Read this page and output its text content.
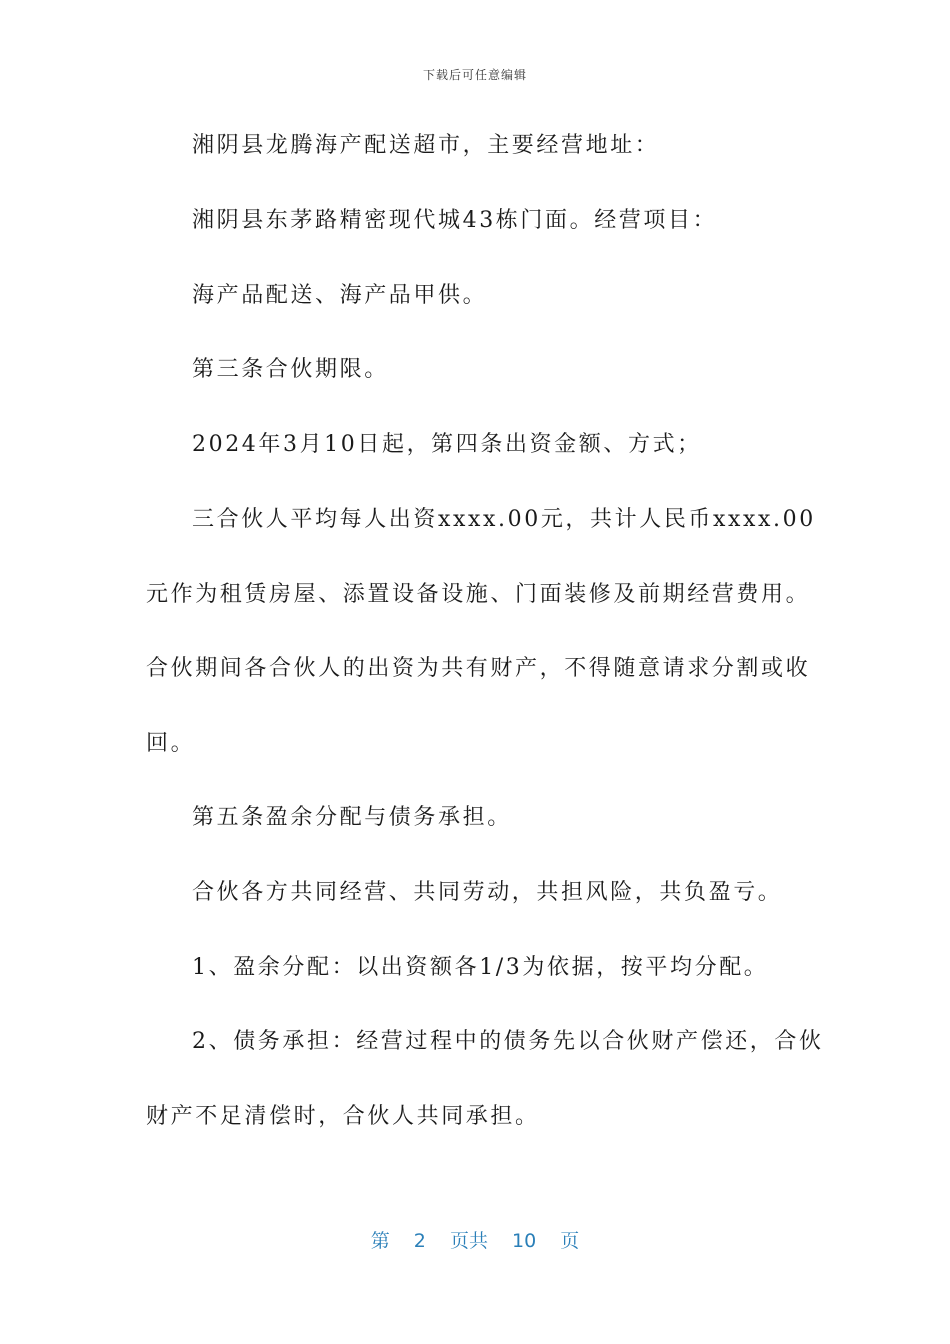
下载后可任意编辑
湘阴县龙腾海产配送超市，主要经营地址：
湘阴县东茅路精密现代城43栋门面。经营项目：
海产品配送、海产品甲供。
第三条合伙期限。
2024年3月10日起，第四条出资金额、方式；
三合伙人平均每人出资xxxx.00元，共计人民币xxxx.00
元作为租赁房屋、添置设备设施、门面装修及前期经营费用。
合伙期间各合伙人的出资为共有财产，不得随意请求分割或收
回。
第五条盈余分配与债务承担。
合伙各方共同经营、共同劳动，共担风险，共负盈亏。
1、盈余分配：以出资额各1/3为依据，按平均分配。
2、债务承担：经营过程中的债务先以合伙财产偿还，合伙
财产不足清偿时，合伙人共同承担。
第 2 页共 10 页
